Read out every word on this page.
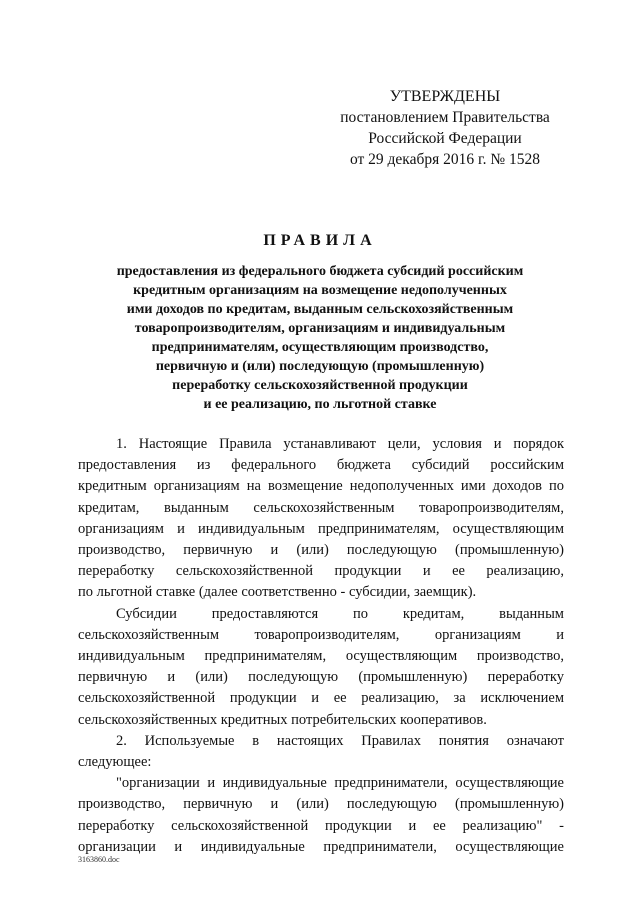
УТВЕРЖДЕНЫ
постановлением Правительства
Российской Федерации
от 29 декабря 2016 г. № 1528
ПРАВИЛА
предоставления из федерального бюджета субсидий российским
кредитным организациям на возмещение недополученных
ими доходов по кредитам, выданным сельскохозяйственным
товаропроизводителям, организациям и индивидуальным
предпринимателям, осуществляющим производство,
первичную и (или) последующую (промышленную)
переработку сельскохозяйственной продукции
и ее реализацию, по льготной ставке
1. Настоящие Правила устанавливают цели, условия и порядок
предоставления из федерального бюджета субсидий российским
кредитным организациям на возмещение недополученных ими доходов по
кредитам, выданным сельскохозяйственным товаропроизводителям,
организациям и индивидуальным предпринимателям, осуществляющим
производство, первичную и (или) последующую (промышленную)
переработку сельскохозяйственной продукции и ее реализацию,
по льготной ставке (далее соответственно - субсидии, заемщик).
Субсидии предоставляются по кредитам, выданным
сельскохозяйственным товаропроизводителям, организациям и
индивидуальным предпринимателям, осуществляющим производство,
первичную и (или) последующую (промышленную) переработку
сельскохозяйственной продукции и ее реализацию, за исключением
сельскохозяйственных кредитных потребительских кооперативов.
2. Используемые в настоящих Правилах понятия означают
следующее:
"организации и индивидуальные предприниматели, осуществляющие
производство, первичную и (или) последующую (промышленную)
переработку сельскохозяйственной продукции и ее реализацию" -
организации и индивидуальные предприниматели, осуществляющие
3163860.doc
